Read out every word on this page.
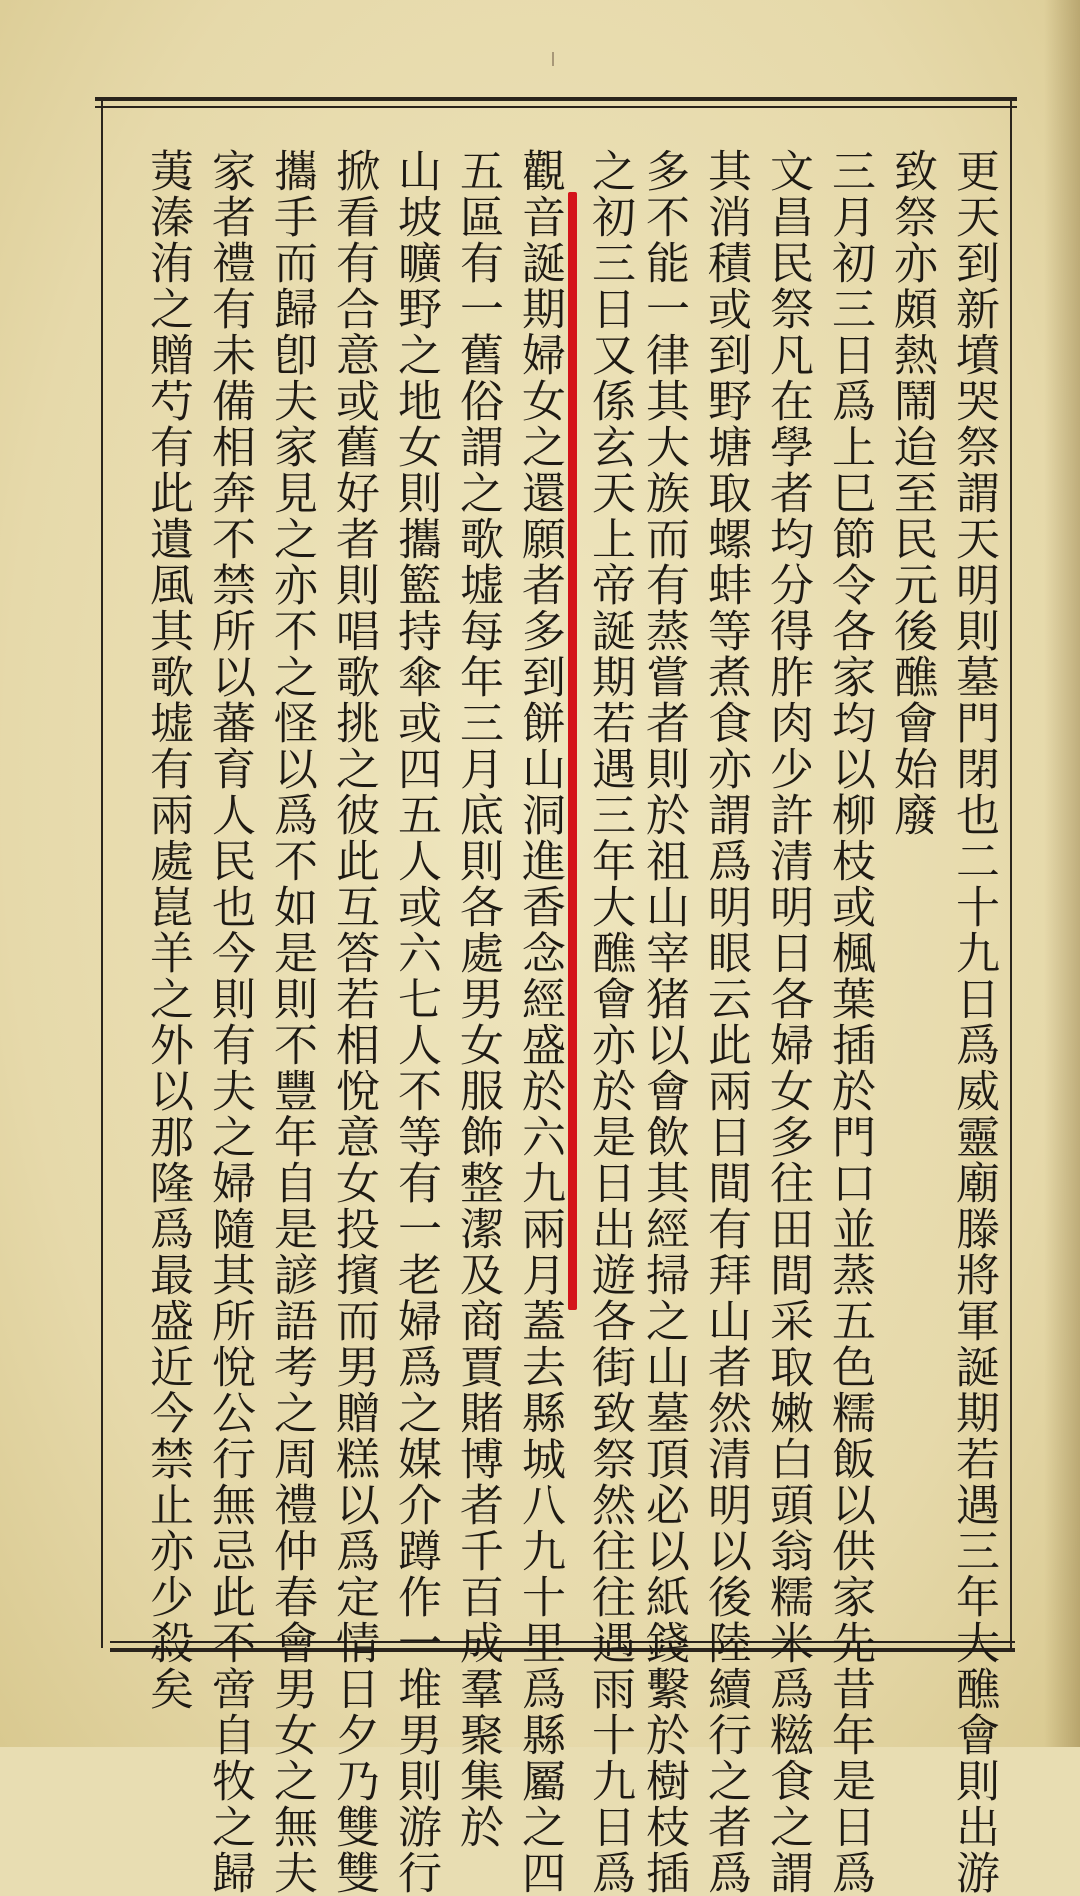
更天到新墳哭祭謂天明則墓門閉也二十九日爲威靈廟滕將軍誕期若遇三年大醮會則出游
致祭亦頗熱鬧迨至民元後醮會始廢
三月初三日爲上巳節令各家均以柳枝或楓葉插於門口並蒸五色糯飯以供家先昔年是日爲
文昌民祭凡在學者均分得胙肉少許清明日各婦女多往田間采取嫩白頭翁糯米爲糍食之謂
其消積或到野塘取螺蚌等煮食亦謂爲明眼云此兩日間有拜山者然清明以後陸續行之者爲
多不能一律其大族而有蒸嘗者則於祖山宰猪以會飲其經掃之山墓頂必以紙錢繫於樹枝插
之初三日又係玄天上帝誕期若遇三年大醮會亦於是日出遊各街致祭然往往遇雨十九日爲
觀音誕期婦女之還願者多到餅山洞進香念經盛於六九兩月蓋去縣城八九十里爲縣屬之四
五區有一舊俗謂之歌墟每年三月底則各處男女服飾整潔及商賈賭博者千百成羣聚集於
山坡曠野之地女則攜籃持傘或四五人或六七人不等有一老婦爲之媒介蹲作一堆男則游行
掀看有合意或舊好者則唱歌挑之彼此互答若相悅意女投擯而男贈糕以爲定情日夕乃雙雙
攜手而歸卽夫家見之亦不之怪以爲不如是則不豐年自是諺語考之周禮仲春會男女之無夫
家者禮有未備相奔不禁所以蕃育人民也今則有夫之婦隨其所悅公行無忌此不啻自牧之歸
荑溱洧之贈芍有此遺風其歌墟有兩處崑羊之外以那隆爲最盛近今禁止亦少殺矣
